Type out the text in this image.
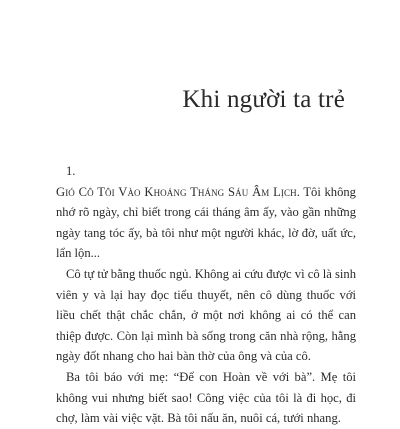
Khi người ta trẻ

1.

Gió Cô Tôi Vào Khoảng Tháng Sáu Âm Lịch. Tôi không nhớ rõ ngày, chỉ biết trong cái tháng âm ấy, vào gần những ngày tang tóc ấy, bà tôi như một người khác, lờ đờ, uất ức, lẩn lộn...

Cô tự tử bằng thuốc ngủ. Không ai cứu được vì cô là sinh viên y và lại hay đọc tiểu thuyết, nên cô dùng thuốc với liều chết thật chắc chắn, ở một nơi không ai có thể can thiệp được. Còn lại mình bà sống trong căn nhà rộng, hằng ngày đốt nhang cho hai bàn thờ của ông và của cô.

Ba tôi báo với mẹ: “Để con Hoàn về với bà”. Mẹ tôi không vui nhưng biết sao! Công việc của tôi là đi học, đi chợ, làm vài việc vặt. Bà tôi nấu ăn, nuôi cá, tưới nhang.
